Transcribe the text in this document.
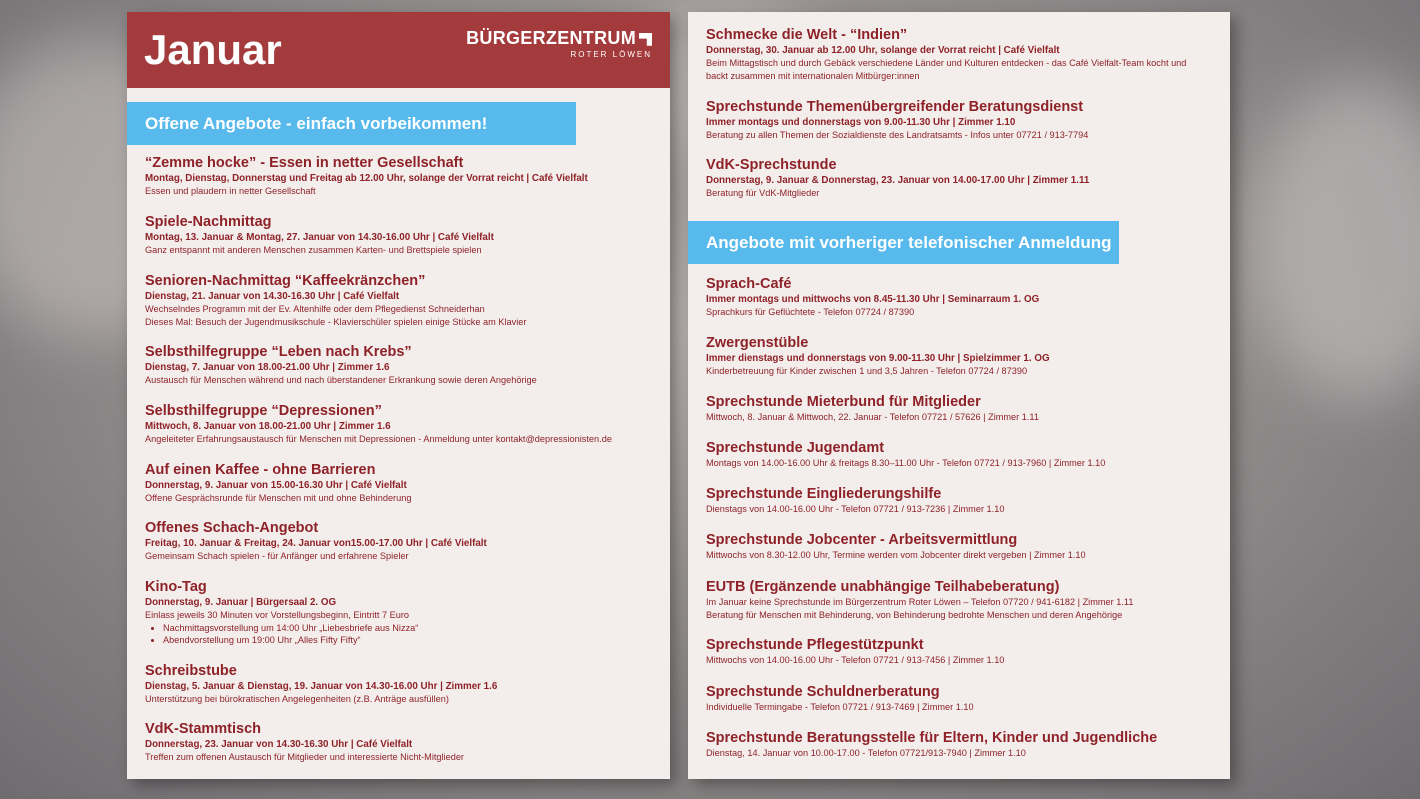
Januar	BÜRGERZENTRUM
ROTER LÖWEN
Offene Angebote - einfach vorbeikommen!
“Zemme hocke” - Essen in netter Gesellschaft
Montag, Dienstag, Donnerstag und Freitag ab 12.00 Uhr, solange der Vorrat reicht | Café Vielfalt
Essen und plaudern in netter Gesellschaft
Spiele-Nachmittag
Montag, 13. Januar & Montag, 27. Januar von 14.30-16.00 Uhr | Café Vielfalt
Ganz entspannt mit anderen Menschen zusammen Karten- und Brettspiele spielen
Senioren-Nachmittag “Kaffeekränzchen”
Dienstag, 21. Januar von 14.30-16.30 Uhr | Café Vielfalt
Wechselndes Programm mit der Ev. Altenhilfe oder dem Pflegedienst Schneiderhan
Dieses Mal: Besuch der Jugendmusikschule - Klavierschüler spielen einige Stücke am Klavier
Selbsthilfegruppe “Leben nach Krebs”
Dienstag, 7. Januar von 18.00-21.00 Uhr | Zimmer 1.6
Austausch für Menschen während und nach überstandener Erkrankung sowie deren Angehörige
Selbsthilfegruppe “Depressionen”
Mittwoch, 8. Januar von 18.00-21.00 Uhr | Zimmer 1.6
Angeleiteter Erfahrungsaustausch für Menschen mit Depressionen - Anmeldung unter kontakt@depressionisten.de
Auf einen Kaffee - ohne Barrieren
Donnerstag, 9. Januar von 15.00-16.30 Uhr | Café Vielfalt
Offene Gesprächsrunde für Menschen mit und ohne Behinderung
Offenes Schach-Angebot
Freitag, 10. Januar & Freitag, 24. Januar von15.00-17.00 Uhr | Café Vielfalt
Gemeinsam Schach spielen - für Anfänger und erfahrene Spieler
Kino-Tag
Donnerstag, 9. Januar | Bürgersaal 2. OG
Einlass jeweils 30 Minuten vor Vorstellungsbeginn, Eintritt 7 Euro
• Nachmittagsvorstellung um 14:00 Uhr „Liebesbriefe aus Nizza“
• Abendvorstellung um 19:00 Uhr „Alles Fifty Fifty“
Schreibstube
Dienstag, 5. Januar & Dienstag, 19. Januar von 14.30-16.00 Uhr | Zimmer 1.6
Unterstützung bei bürokratischen Angelegenheiten (z.B. Anträge ausfüllen)
VdK-Stammtisch
Donnerstag, 23. Januar von 14.30-16.30 Uhr | Café Vielfalt
Treffen zum offenen Austausch für Mitglieder und interessierte Nicht-Mitglieder
Schmecke die Welt - “Indien”
Donnerstag, 30. Januar ab 12.00 Uhr, solange der Vorrat reicht | Café Vielfalt
Beim Mittagstisch und durch Gebäck verschiedene Länder und Kulturen entdecken - das Café Vielfalt-Team kocht und
backt zusammen mit internationalen Mitbürger:innen
Sprechstunde Themenübergreifender Beratungsdienst
Immer montags und donnerstags von 9.00-11.30 Uhr | Zimmer 1.10
Beratung zu allen Themen der Sozialdienste des Landratsamts - Infos unter 07721 / 913-7794
VdK-Sprechstunde
Donnerstag, 9. Januar & Donnerstag, 23. Januar von 14.00-17.00 Uhr | Zimmer 1.11
Beratung für VdK-Mitglieder
Angebote mit vorheriger telefonischer Anmeldung
Sprach-Café
Immer montags und mittwochs von 8.45-11.30 Uhr | Seminarraum 1. OG
Sprachkurs für Geflüchtete - Telefon 07724 / 87390
Zwergenstüble
Immer dienstags und donnerstags von 9.00-11.30 Uhr | Spielzimmer 1. OG
Kinderbetreuung für Kinder zwischen 1 und 3,5 Jahren - Telefon 07724 / 87390
Sprechstunde Mieterbund für Mitglieder
Mittwoch, 8. Januar & Mittwoch, 22. Januar - Telefon 07721 / 57626 | Zimmer 1.11
Sprechstunde Jugendamt
Montags von 14.00-16.00 Uhr & freitags 8.30–11.00 Uhr - Telefon 07721 / 913-7960 | Zimmer 1.10
Sprechstunde Eingliederungshilfe
Dienstags von 14.00-16.00 Uhr - Telefon 07721 / 913-7236 | Zimmer 1.10
Sprechstunde Jobcenter - Arbeitsvermittlung
Mittwochs von 8.30-12.00 Uhr, Termine werden vom Jobcenter direkt vergeben | Zimmer 1.10
EUTB (Ergänzende unabhängige Teilhabeberatung)
Im Januar keine Sprechstunde im Bürgerzentrum Roter Löwen – Telefon 07720 / 941-6182 | Zimmer 1.11
Beratung für Menschen mit Behinderung, von Behinderung bedrohte Menschen und deren Angehörige
Sprechstunde Pflegestützpunkt
Mittwochs von 14.00-16.00 Uhr - Telefon 07721 / 913-7456 | Zimmer 1.10
Sprechstunde Schuldnerberatung
Individuelle Termingabe - Telefon 07721 / 913-7469 | Zimmer 1.10
Sprechstunde Beratungsstelle für Eltern, Kinder und Jugendliche
Dienstag, 14. Januar von 10.00-17.00 - Telefon 07721/913-7940 | Zimmer 1.10
